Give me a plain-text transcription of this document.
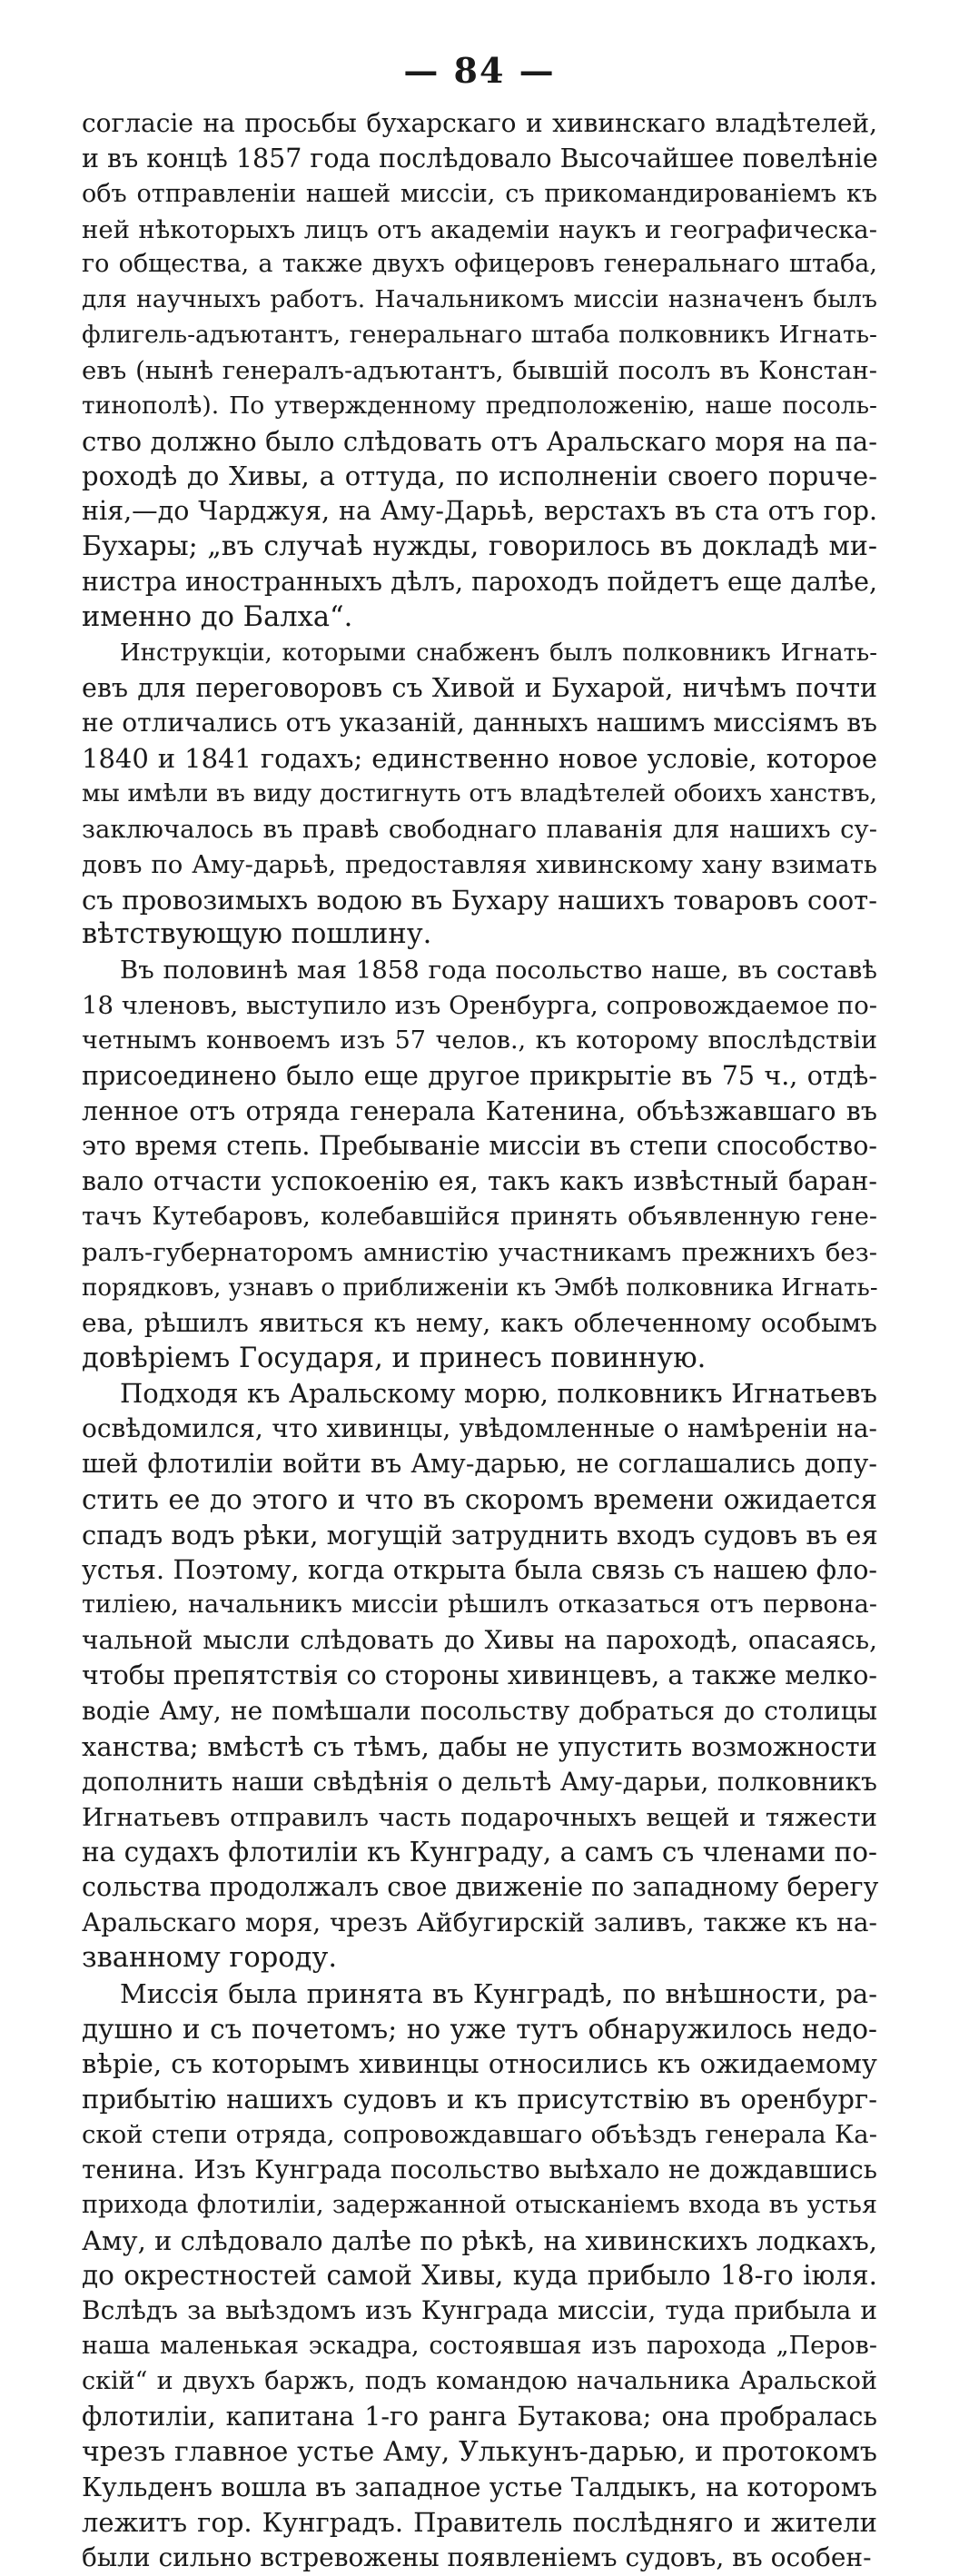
— 84 —
согласіе на просьбы бухарскаго и хивинскаго владѣтелей,
и въ концѣ 1857 года послѣдовало Высочайшее повелѣніе
объ отправленіи нашей миссіи, съ прикомандированіемъ къ
ней нѣкоторыхъ лицъ отъ академіи наукъ и географическа-
го общества, а также двухъ офицеровъ генеральнаго штаба,
для научныхъ работъ. Начальникомъ миссіи назначенъ былъ
флигель-адъютантъ, генеральнаго штаба полковникъ Игнать-
евъ (нынѣ генералъ-адъютантъ, бывшій посолъ въ Констан-
тинополѣ). По утвержденному предположенію, наше посоль-
ство должно было слѣдовать отъ Аральскаго моря на па-
роходѣ до Хивы, а оттуда, по исполненіи своего порuче-
нія,—до Чарджуя, на Аму-Дарьѣ, верстахъ въ ста отъ гор.
Бухары; „въ случаѣ нужды, говорилось въ докладѣ ми-
нистра иностранныхъ дѣлъ, пароходъ пойдетъ еще далѣе,
именно до Балха“.
Инструкціи, которыми снабженъ былъ полковникъ Игнать-
евъ для переговоровъ съ Хивой и Бухарой, ничѣмъ почти
не отличались отъ указаній, данныхъ нашимъ миссіямъ въ
1840 и 1841 годахъ; единственно новое условіе, которое
мы имѣли въ виду достигнуть отъ владѣтелей обоихъ ханствъ,
заключалось въ правѣ свободнаго плаванія для нашихъ су-
довъ по Аму-дарьѣ, предоставляя хивинскому хану взимать
съ провозимыхъ водою въ Бухару нашихъ товаровъ соот-
вѣтствующую пошлину.
Въ половинѣ мая 1858 года посольство наше, въ составѣ
18 членовъ, выступило изъ Оренбурга, сопровождаемое по-
четнымъ конвоемъ изъ 57 челов., къ которому впослѣдствіи
присоединено было еще другое прикрытіе въ 75 ч., отдѣ-
ленное отъ отряда генерала Катенина, объѣзжавшаго въ
это время степь. Пребываніе миссіи въ степи способство-
вало отчасти успокоенію ея, такъ какъ извѣстный баран-
тачъ Кутебаровъ, колебавшійся принять объявленную гене-
ралъ-губернаторомъ амнистію участникамъ прежнихъ без-
порядковъ, узнавъ о приближеніи къ Эмбѣ полковника Игнать-
ева, рѣшилъ явиться къ нему, какъ облеченному особымъ
довѣріемъ Государя, и принесъ повинную.
Подходя къ Аральскому морю, полковникъ Игнатьевъ
освѣдомился, что хивинцы, увѣдомленные о намѣреніи на-
шей флотиліи войти въ Аму-дарью, не соглашались допу-
стить ее до этого и что въ скоромъ времени ожидается
спадъ водъ рѣки, могущій затруднить входъ судовъ въ ея
устья. Поэтому, когда открыта была связь съ нашею фло-
тиліею, начальникъ миссіи рѣшилъ отказаться отъ первона-
чальной мысли слѣдовать до Хивы на пароходѣ, опасаясь,
чтобы препятствія со стороны хивинцевъ, а также мелко-
водіе Аму, не помѣшали посольству добраться до столицы
ханства; вмѣстѣ съ тѣмъ, дабы не упустить возможности
дополнить наши свѣдѣнія о дельтѣ Аму-дарьи, полковникъ
Игнатьевъ отправилъ часть подарочныхъ вещей и тяжести
на судахъ флотиліи къ Кунграду, а самъ съ членами по-
сольства продолжалъ свое движеніе по западному берегу
Аральскаго моря, чрезъ Айбугирскій заливъ, также къ на-
званному городу.
Миссія была принята въ Кунградѣ, по внѣшности, ра-
душно и съ почетомъ; но уже тутъ обнаружилось недо-
вѣріе, съ которымъ хивинцы относились къ ожидаемому
прибытію нашихъ судовъ и къ присутствію въ оренбург-
ской степи отряда, сопровождавшаго объѣздъ генерала Ка-
тенина. Изъ Кунграда посольство выѣхало не дождавшись
прихода флотиліи, задержанной отысканіемъ входа въ устья
Аму, и слѣдовало далѣе по рѣкѣ, на хивинскихъ лодкахъ,
до окрестностей самой Хивы, куда прибыло 18-го іюля.
Вслѣдъ за выѣздомъ изъ Кунграда миссіи, туда прибыла и
наша маленькая эскадра, состоявшая изъ парохода „Перов-
скій“ и двухъ баржъ, подъ командою начальника Аральской
флотиліи, капитана 1-го ранга Бутакова; она пробралась
чрезъ главное устье Аму, Улькунъ-дарью, и протокомъ
Кульденъ вошла въ западное устье Талдыкъ, на которомъ
лежитъ гор. Кунградъ. Правитель послѣдняго и жители
были сильно встревожены появленіемъ судовъ, въ особен-
